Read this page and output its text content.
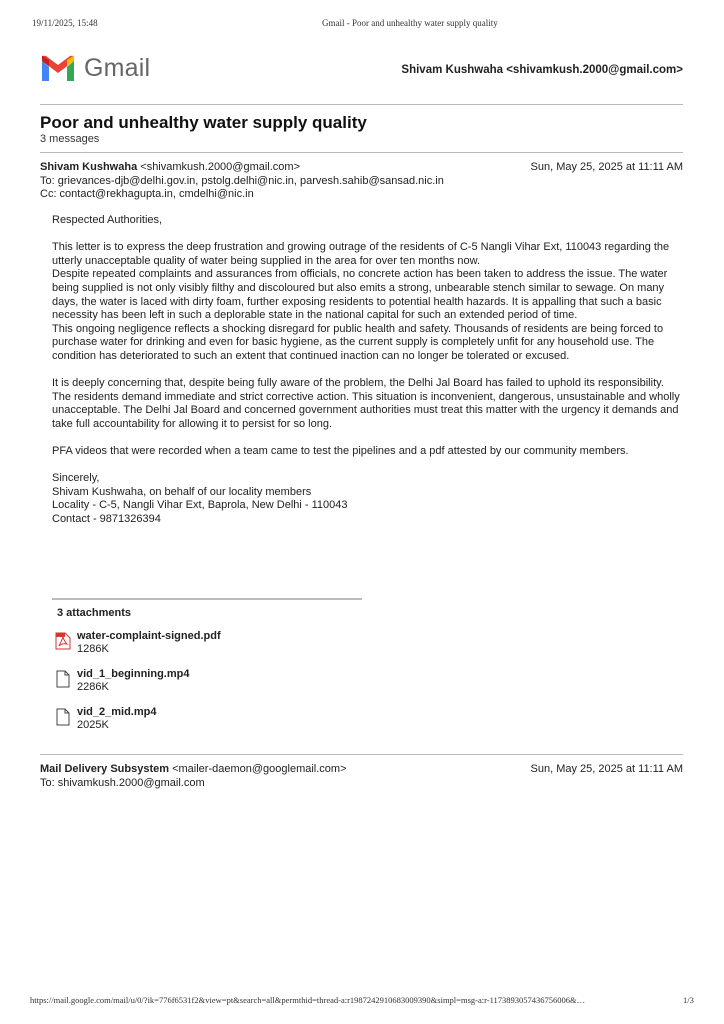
19/11/2025, 15:48	Gmail - Poor and unhealthy water supply quality
Gmail	Shivam Kushwaha <shivamkush.2000@gmail.com>
Poor and unhealthy water supply quality
3 messages
Shivam Kushwaha <shivamkush.2000@gmail.com>	Sun, May 25, 2025 at 11:11 AM
To: grievances-djb@delhi.gov.in, pstolg.delhi@nic.in, parvesh.sahib@sansad.nic.in
Cc: contact@rekhagupta.in, cmdelhi@nic.in

Respected Authorities,

This letter is to express the deep frustration and growing outrage of the residents of C-5 Nangli Vihar Ext, 110043 regarding the utterly unacceptable quality of water being supplied in the area for over ten months now.

Despite repeated complaints and assurances from officials, no concrete action has been taken to address the issue. The water being supplied is not only visibly filthy and discoloured but also emits a strong, unbearable stench similar to sewage. On many days, the water is laced with dirty foam, further exposing residents to potential health hazards. It is appalling that such a basic necessity has been left in such a deplorable state in the national capital for such an extended period of time.

This ongoing negligence reflects a shocking disregard for public health and safety. Thousands of residents are being forced to purchase water for drinking and even for basic hygiene, as the current supply is completely unfit for any household use. The condition has deteriorated to such an extent that continued inaction can no longer be tolerated or excused.

It is deeply concerning that, despite being fully aware of the problem, the Delhi Jal Board has failed to uphold its responsibility. The residents demand immediate and strict corrective action. This situation is inconvenient, dangerous, unsustainable and wholly unacceptable. The Delhi Jal Board and concerned government authorities must treat this matter with the urgency it demands and take full accountability for allowing it to persist for so long.

PFA videos that were recorded when a team came to test the pipelines and a pdf attested by our community members.

Sincerely,

Shivam Kushwaha, on behalf of our locality members

Locality - C-5, Nangli Vihar Ext, Baprola, New Delhi - 110043

Contact - 9871326394

3 attachments
water-complaint-signed.pdf
1286K
vid_1_beginning.mp4
2286K
vid_2_mid.mp4
2025K
Mail Delivery Subsystem <mailer-daemon@googlemail.com>	Sun, May 25, 2025 at 11:11 AM
To: shivamkush.2000@gmail.com
https://mail.google.com/mail/u/0/?ik=776f6531f2&view=pt&search=all&permthid=thread-a:r1987242910683009390&simpl=msg-a:r-1173893057436756006&…	1/3
